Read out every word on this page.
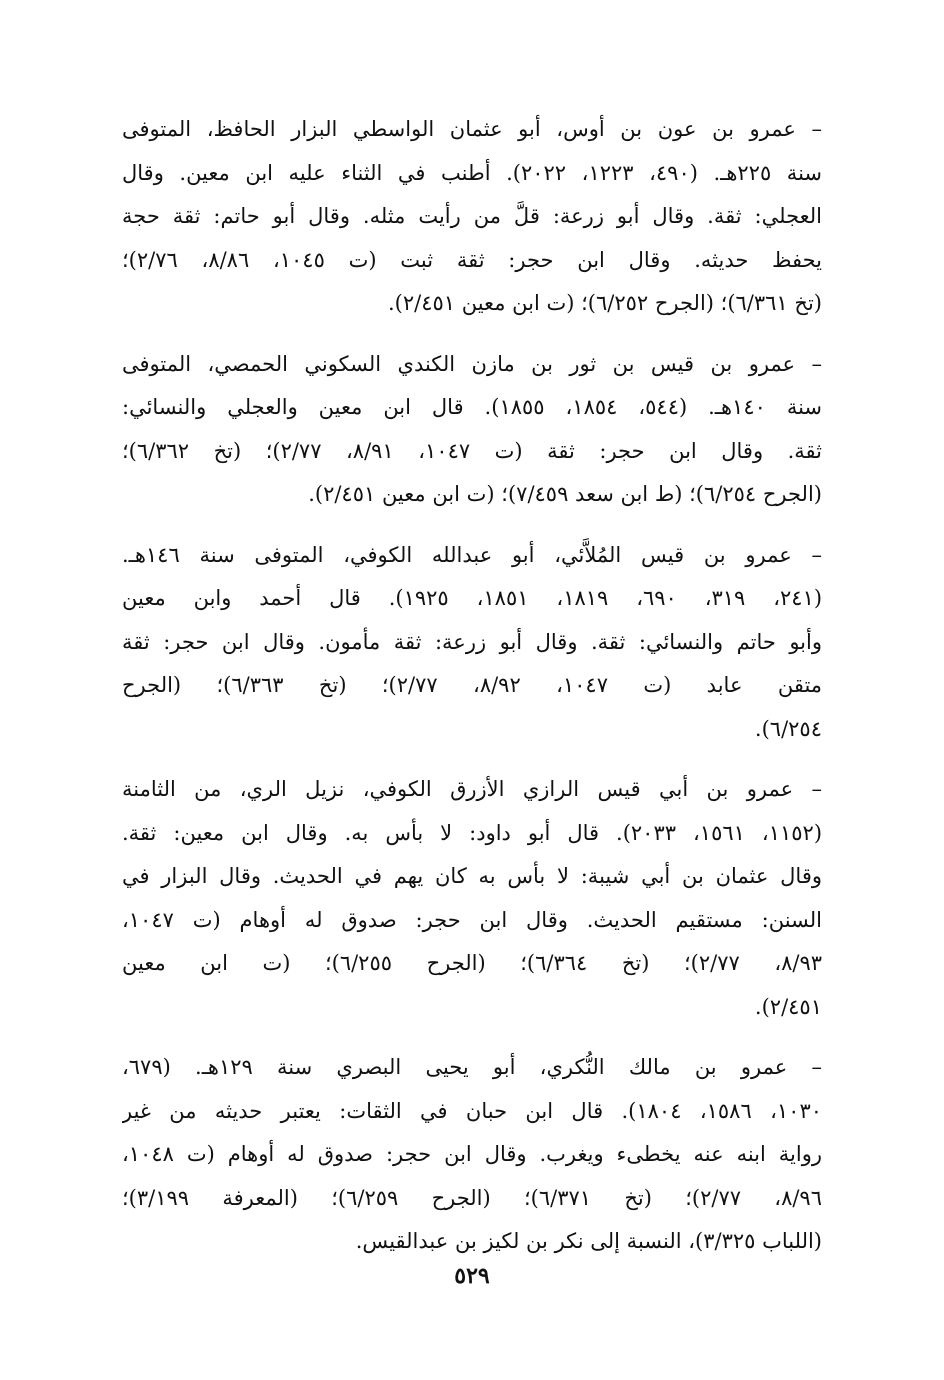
– عمرو بن عون بن أوس، أبو عثمان الواسطي البزار الحافظ، المتوفى
سنة ٢٢٥هـ. (٤٩٠، ١٢٢٣، ٢٠٢٢). أطنب في الثناء عليه ابن معين. وقال
العجلي: ثقة. وقال أبو زرعة: قلَّ من رأيت مثله. وقال أبو حاتم: ثقة حجة
يحفظ حديثه. وقال ابن حجر: ثقة ثبت (ت ١٠٤٥، ٨/٨٦، ٢/٧٦)؛
(تخ ٦/٣٦١)؛ (الجرح ٦/٢٥٢)؛ (ت ابن معين ٢/٤٥١).

– عمرو بن قيس بن ثور بن مازن الكندي السكوني الحمصي، المتوفى
سنة ١٤٠هـ. (٥٤٤، ١٨٥٤، ١٨٥٥). قال ابن معين والعجلي والنسائي:
ثقة. وقال ابن حجر: ثقة (ت ١٠٤٧، ٨/٩١، ٢/٧٧)؛ (تخ ٦/٣٦٢)؛
(الجرح ٦/٢٥٤)؛ (ط ابن سعد ٧/٤٥٩)؛ (ت ابن معين ٢/٤٥١).

– عمرو بن قيس المُلاَّئي، أبو عبدالله الكوفي، المتوفى سنة ١٤٦هـ.
(٢٤١، ٣١٩، ٦٩٠، ١٨١٩، ١٨٥١، ١٩٢٥). قال أحمد وابن معين
وأبو حاتم والنسائي: ثقة. وقال أبو زرعة: ثقة مأمون. وقال ابن حجر: ثقة
متقن عابد (ت ١٠٤٧، ٨/٩٢، ٢/٧٧)؛ (تخ ٦/٣٦٣)؛ (الجرح
٦/٢٥٤).

– عمرو بن أبي قيس الرازي الأزرق الكوفي، نزيل الري، من الثامنة
(١١٥٢، ١٥٦١، ٢٠٣٣). قال أبو داود: لا بأس به. وقال ابن معين: ثقة.
وقال عثمان بن أبي شيبة: لا بأس به كان يهم في الحديث. وقال البزار في
السنن: مستقيم الحديث. وقال ابن حجر: صدوق له أوهام (ت ١٠٤٧،
٨/٩٣، ٢/٧٧)؛ (تخ ٦/٣٦٤)؛ (الجرح ٦/٢٥٥)؛ (ت ابن معين
٢/٤٥١).

– عمرو بن مالك النُّكري، أبو يحيى البصري سنة ١٢٩هـ. (٦٧٩،
١٠٣٠، ١٥٨٦، ١٨٠٤). قال ابن حبان في الثقات: يعتبر حديثه من غير
رواية ابنه عنه يخطىء ويغرب. وقال ابن حجر: صدوق له أوهام (ت ١٠٤٨،
٨/٩٦، ٢/٧٧)؛ (تخ ٦/٣٧١)؛ (الجرح ٦/٢٥٩)؛ (المعرفة ٣/١٩٩)؛
(اللباب ٣/٣٢٥)، النسبة إلى نكر بن لكيز بن عبدالقيس.

٥٢٩
